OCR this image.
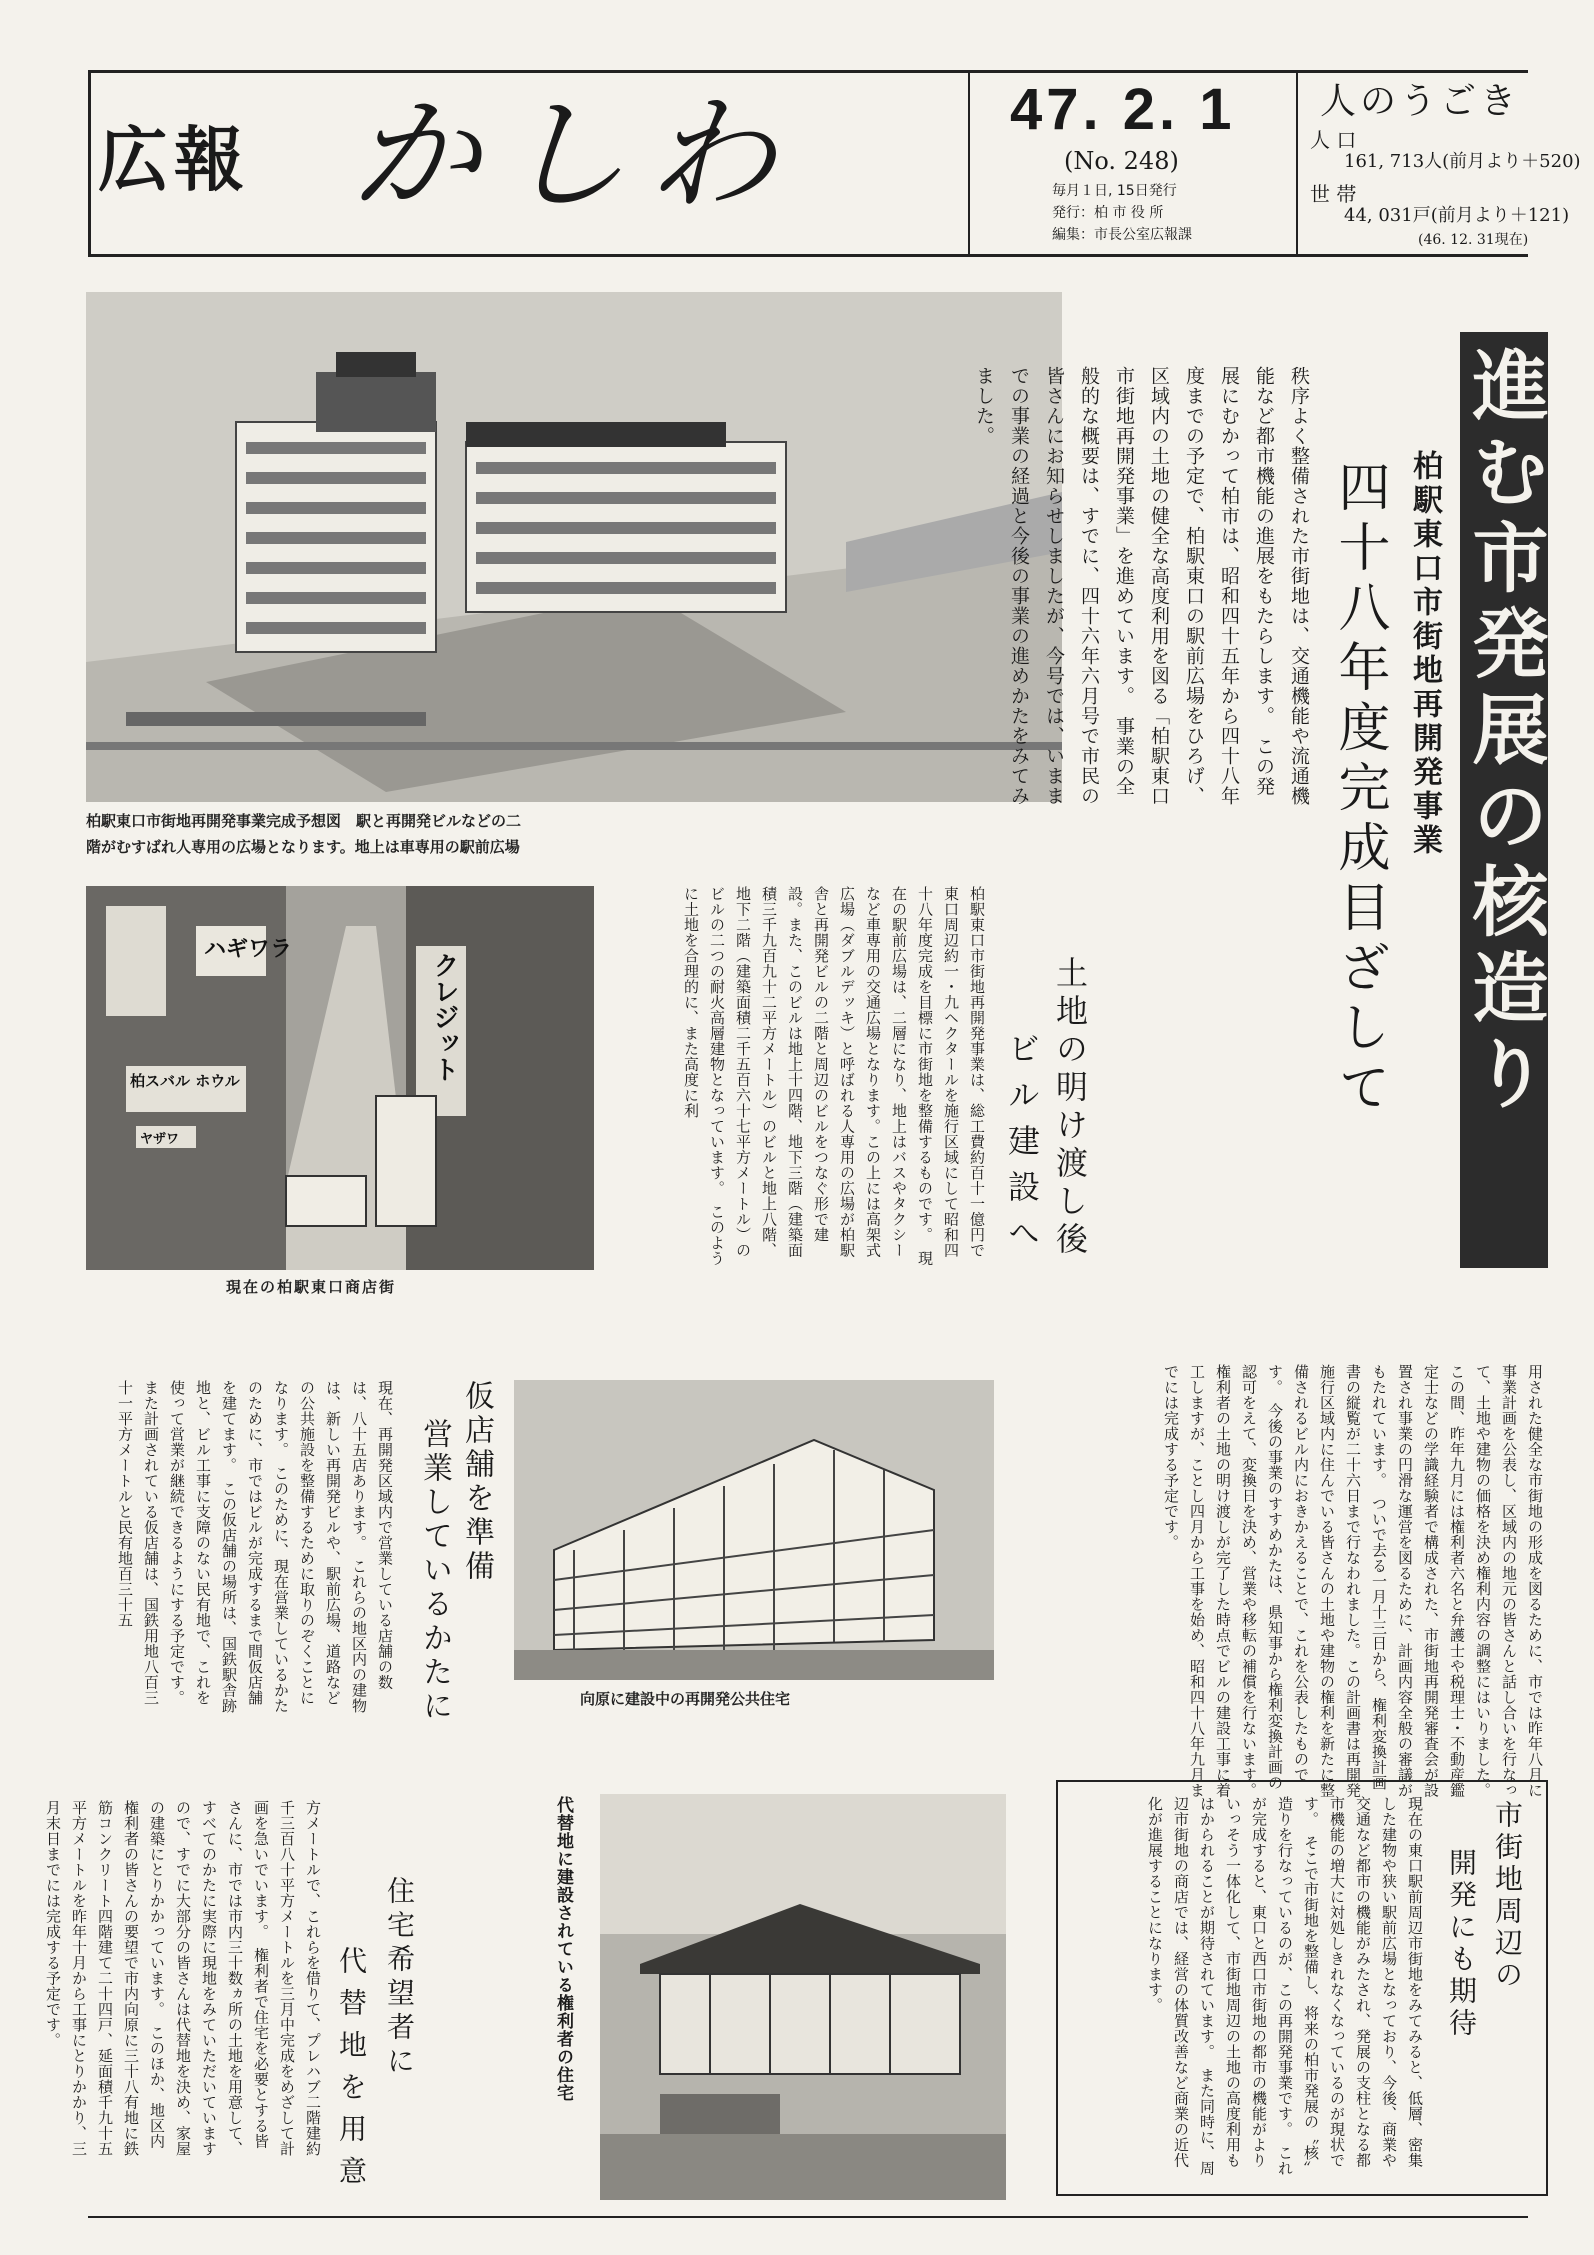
広報 かしわ	47. 2. 1
(No. 248)
毎月１日, 15日発行
発行：柏 市 役 所
編集：市長公室広報課
人のうごき
人 口
161, 713人(前月より＋520)
世 帯
44, 031戸(前月より＋121)
(46. 12. 31現在)
柏駅東口市街地再開発事業完成予想図　駅と再開発ビルなどの二
階がむすばれ人専用の広場となります。地上は車専用の駅前広場	進む市発展の核造り
柏駅東口市街地再開発事業
四十八年度完成目ざして
秩序よく整備された市街地は、交通機能や流通機能など都市機能の進展をもたらします。　この発展にむかって柏市は、昭和四十五年から四十八年度までの予定で、柏駅東口の駅前広場をひろげ、区域内の土地の健全な高度利用を図る「柏駅東口市街地再開発事業」を進めています。　事業の全般的な概要は、すでに、四十六年六月号で市民の皆さんにお知らせしましたが、今号では、いままでの事業の経過と今後の事業の進めかたをみてみました。
ハギワラ
柏スバル ホウル
ヤザワ
クレジット
現在の柏駅東口商店街
土地の明け渡し後
ビル建設へ
柏駅東口市街地再開発事業は、総工費約百十一億円で東口周辺約一・九ヘクタールを施行区域にして昭和四十八年度完成を目標に市街地を整備するものです。　現在の駅前広場は、二層になり、地上はバスやタクシーなど車専用の交通広場となります。この上には高架式広場（ダブルデッキ）と呼ばれる人専用の広場が柏駅舎と再開発ビルの二階と周辺のビルをつなぐ形で建設。また、このビルは地上十四階、地下三階（建築面積三千九百九十二平方メートル）のビルと地上八階、地下二階（建築面積二千五百六十七平方メートル）のビルの二つの耐火高層建物となっています。　このように土地を合理的に、また高度に利
用された健全な市街地の形成を図るために、市では昨年八月に事業計画を公表し、区域内の地元の皆さんと話し合いを行なって、土地や建物の価格を決め権利内容の調整にはいりました。　この間、昨年九月には権利者六名と弁護士や税理士・不動産鑑定士などの学識経験者で構成された、市街地再開発審査会が設置され事業の円滑な運営を図るために、計画内容全般の審議がもたれています。　ついで去る一月十三日から、権利変換計画書の縦覧が二十六日まで行なわれました。この計画書は再開発施行区域内に住んでいる皆さんの土地や建物の権利を新たに整備されるビル内におきかえることで、これを公表したものです。　今後の事業のすすめかたは、県知事から権利変換計画の認可をえて、変換日を決め、営業や移転の補償を行ないます。　権利者の土地の明け渡しが完了した時点でビルの建設工事に着工しますが、ことし四月から工事を始め、昭和四十八年九月までには完成する予定です。
向原に建設中の再開発公共住宅
仮店舗を準備
営業しているかたに
現在、再開発区域内で営業している店舗の数は、八十五店あります。　これらの地区内の建物は、新しい再開発ビルや、駅前広場、道路などの公共施設を整備するために取りのぞくことになります。　このために、現在営業しているかたのために、市ではビルが完成するまで間仮店舗を建てます。　この仮店舗の場所は、国鉄駅舎跡地と、ビル工事に支障のない民有地で、これを使って営業が継続できるようにする予定です。また計画されている仮店舗は、国鉄用地八百三十一平方メートルと民有地百三十五
代替地に建設されている権利者の住宅
住宅希望者に
代替地を用意
方メートルで、これらを借りて、プレハブ二階建約千三百八十平方メートルを三月中完成をめざして計画を急いでいます。　権利者で住宅を必要とする皆さんに、市では市内三十数ヵ所の土地を用意して、すべてのかたに実際に現地をみていただいていますので、すでに大部分の皆さんは代替地を決め、家屋の建築にとりかかっています。　このほか、地区内権利者の皆さんの要望で市内向原に三十八有地に鉄筋コンクリート四階建て二十四戸、延面積千九十五平方メートルを昨年十月から工事にとりかかり、三月末日までには完成する予定です。	市街地周辺の
開発にも期待
現在の東口駅前周辺市街地をみてみると、低層、密集した建物や狭い駅前広場となっており、今後、商業や交通など都市の機能がみたされ、発展の支柱となる都市機能の増大に対処しきれなくなっているのが現状です。　そこで市街地を整備し、将来の柏市発展の〝核〟造りを行なっているのが、この再開発事業です。　これが完成すると、東口と西口市街地の都市の機能がよりいっそう一体化して、市街地周辺の土地の高度利用もはかられることが期待されています。　また同時に、周辺市街地の商店では、経営の体質改善など商業の近代化が進展することになります。
